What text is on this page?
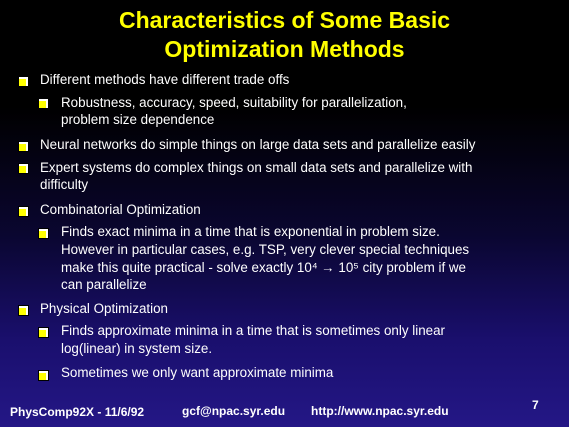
Characteristics of Some Basic
Optimization Methods
Different methods have different trade offs
Robustness, accuracy, speed, suitability for parallelization,
problem size dependence
Neural networks do simple things on large data sets and parallelize easily
Expert systems do complex things on small data sets and parallelize with
difficulty
Combinatorial Optimization
Finds exact minima in a time that is exponential in problem size.
However in particular cases, e.g. TSP, very clever special techniques
make this quite practical - solve exactly 10⁴ → 10⁵ city problem if we
can parallelize
Physical Optimization
Finds approximate minima in a time that is sometimes only linear
log(linear) in system size.
Sometimes we only want approximate minima
PhysComp92X - 11/6/92	gcf@npac.syr.edu http://www.npac.syr.edu	7
